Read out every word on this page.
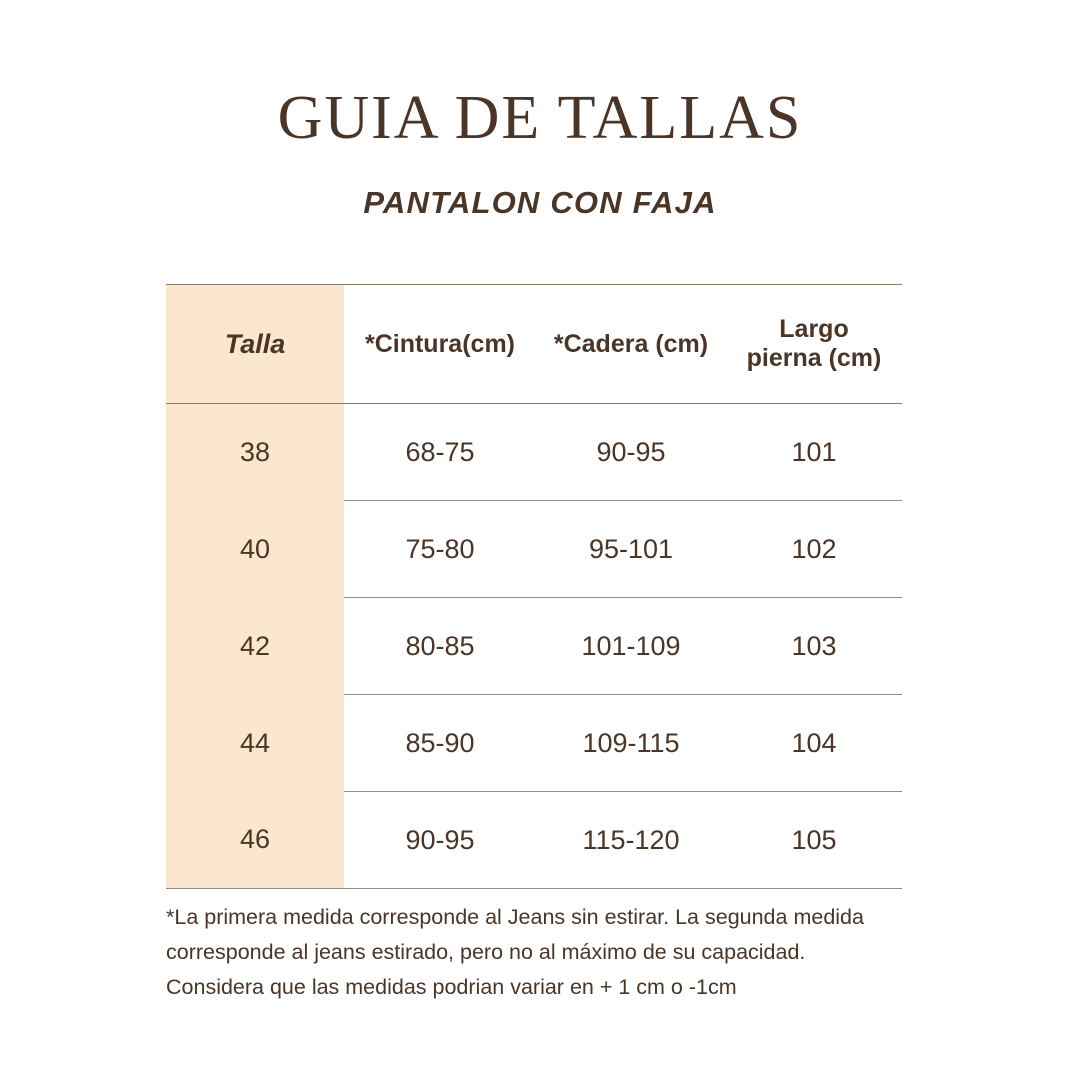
GUIA DE TALLAS
PANTALON CON FAJA
Talla	*Cintura(cm)	*Cadera (cm)	Largo
pierna (cm)

38	68-75	90-95	101
40	75-80	95-101	102
42	80-85	101-109	103
44	85-90	109-115	104
46	90-95	115-120	105

*La primera medida corresponde al Jeans sin estirar. La segunda medida

corresponde al jeans estirado, pero no al máximo de su capacidad.

Considera que las medidas podrian variar en + 1 cm o -1cm
